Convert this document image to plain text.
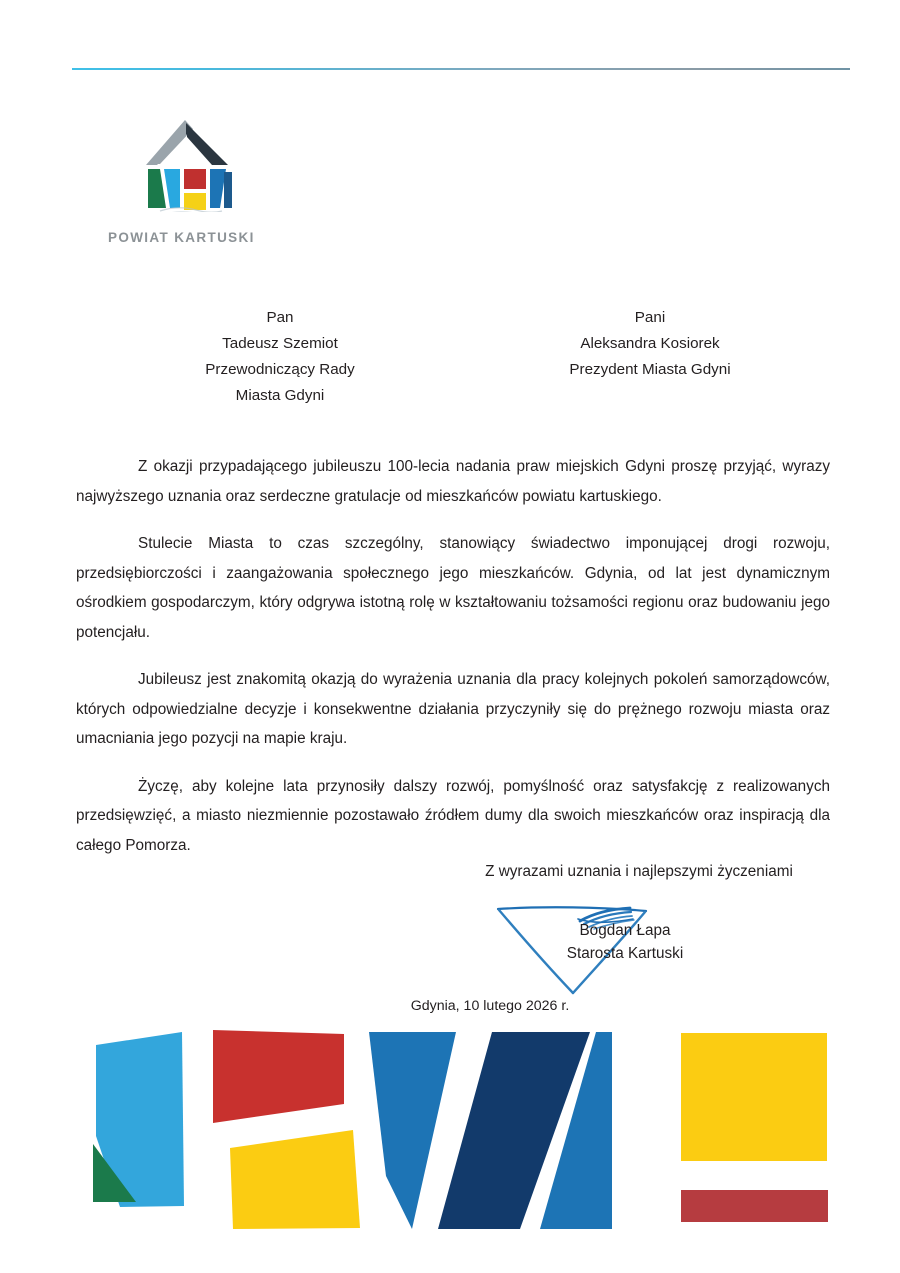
POWIAT KARTUSKI
Pan
Tadeusz Szemiot
Przewodniczący Rady
Miasta Gdyni
Pani
Aleksandra Kosiorek
Prezydent Miasta Gdyni

Z okazji przypadającego jubileuszu 100-lecia nadania praw miejskich Gdyni proszę przyjąć, wyrazy najwyższego uznania oraz serdeczne gratulacje od mieszkańców powiatu kartuskiego.

Stulecie Miasta to czas szczególny, stanowiący świadectwo imponującej drogi rozwoju, przedsiębiorczości i zaangażowania społecznego jego mieszkańców. Gdynia, od lat jest dynamicznym ośrodkiem gospodarczym, który odgrywa istotną rolę w kształtowaniu tożsamości regionu oraz budowaniu jego potencjału.

Jubileusz jest znakomitą okazją do wyrażenia uznania dla pracy kolejnych pokoleń samorządowców, których odpowiedzialne decyzje i konsekwentne działania przyczyniły się do prężnego rozwoju miasta oraz umacniania jego pozycji na mapie kraju.

Życzę, aby kolejne lata przynosiły dalszy rozwój, pomyślność oraz satysfakcję z realizowanych przedsięwzięć, a miasto niezmiennie pozostawało źródłem dumy dla swoich mieszkańców oraz inspiracją dla całego Pomorza.

Z wyrazami uznania i najlepszymi życzeniami
Bogdan Łapa
Starosta Kartuski
Gdynia, 10 lutego 2026 r.
